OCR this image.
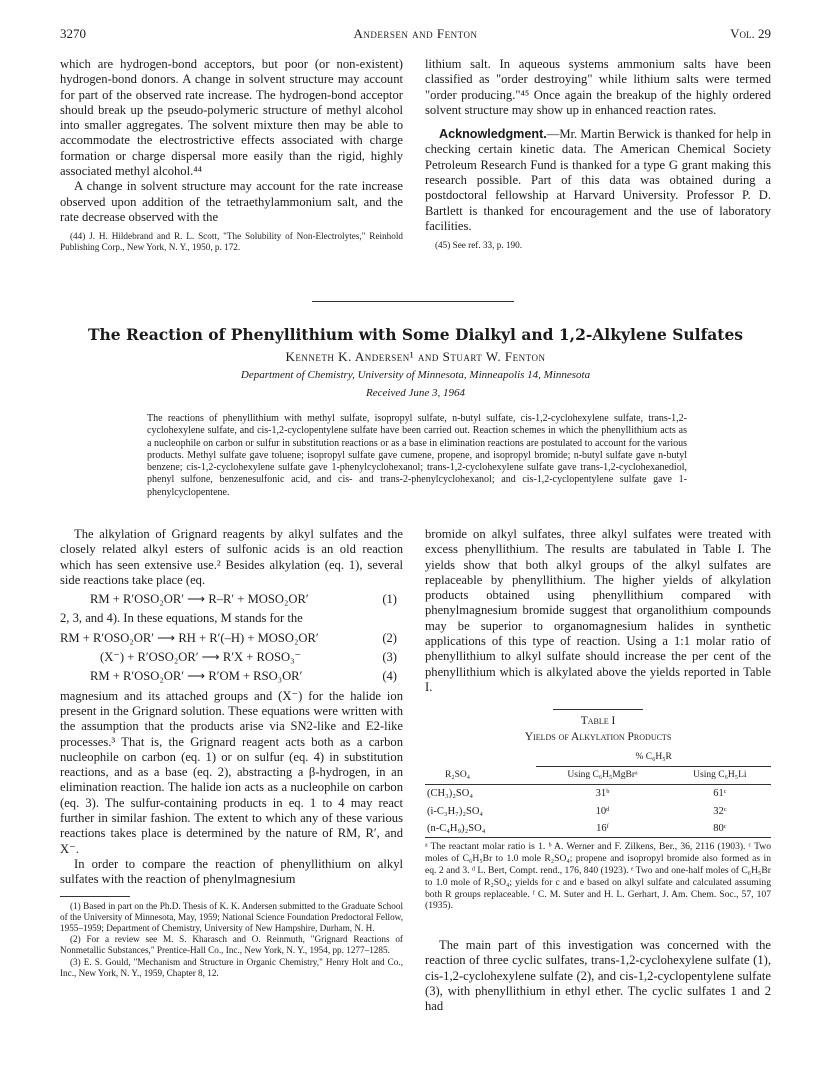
3270	Andersen and Fenton	Vol. 29

which are hydrogen-bond acceptors, but poor (or non-existent) hydrogen-bond donors. A change in solvent structure may account for part of the observed rate increase. The hydrogen-bond acceptor should break up the pseudo-polymeric structure of methyl alcohol into smaller aggregates. The solvent mixture then may be able to accommodate the electrostrictive effects associated with charge formation or charge dispersal more easily than the rigid, highly associated methyl alcohol.⁴⁴

A change in solvent structure may account for the rate increase observed upon addition of the tetraethylammonium salt, and the rate decrease observed with the

(44) J. H. Hildebrand and R. L. Scott, "The Solubility of Non-Electrolytes," Reinhold Publishing Corp., New York, N. Y., 1950, p. 172.

lithium salt. In aqueous systems ammonium salts have been classified as "order destroying" while lithium salts were termed "order producing."⁴⁵ Once again the breakup of the highly ordered solvent structure may show up in enhanced reaction rates.

Acknowledgment.—Mr. Martin Berwick is thanked for help in checking certain kinetic data. The American Chemical Society Petroleum Research Fund is thanked for a type G grant making this research possible. Part of this data was obtained during a postdoctoral fellowship at Harvard University. Professor P. D. Bartlett is thanked for encouragement and the use of laboratory facilities.

(45) See ref. 33, p. 190.

The Reaction of Phenyllithium with Some Dialkyl and 1,2-Alkylene Sulfates
Kenneth K. Andersen¹ and Stuart W. Fenton
Department of Chemistry, University of Minnesota, Minneapolis 14, Minnesota
Received June 3, 1964
The reactions of phenyllithium with methyl sulfate, isopropyl sulfate, n-butyl sulfate, cis-1,2-cyclohexylene sulfate, trans-1,2-cyclohexylene sulfate, and cis-1,2-cyclopentylene sulfate have been carried out. Reaction schemes in which the phenyllithium acts as a nucleophile on carbon or sulfur in substitution reactions or as a base in elimination reactions are postulated to account for the various products. Methyl sulfate gave toluene; isopropyl sulfate gave cumene, propene, and isopropyl bromide; n-butyl sulfate gave n-butyl benzene; cis-1,2-cyclohexylene sulfate gave 1-phenylcyclohexanol; trans-1,2-cyclohexylene sulfate gave trans-1,2-cyclohexanediol, phenyl sulfone, benzenesulfonic acid, and cis- and trans-2-phenylcyclohexanol; and cis-1,2-cyclopentylene sulfate gave 1-phenylcyclopentene.

The alkylation of Grignard reagents by alkyl sulfates and the closely related alkyl esters of sulfonic acids is an old reaction which has seen extensive use.² Besides alkylation (eq. 1), several side reactions take place (eq.

RM + R′OSO₂OR′ ⟶ R–R′ + MOSO₂OR′	(1)

2, 3, and 4). In these equations, M stands for the

RM + R′OSO₂OR′ ⟶ RH + R′(–H) + MOSO₂OR′	(2)
(X⁻) + R′OSO₂OR′ ⟶ R′X + ROSO₃⁻	(3)
RM + R′OSO₂OR′ ⟶ R′OM + RSO₃OR′	(4)

magnesium and its attached groups and (X⁻) for the halide ion present in the Grignard solution. These equations were written with the assumption that the products arise via SN2-like and E2-like processes.³ That is, the Grignard reagent acts both as a carbon nucleophile on carbon (eq. 1) or on sulfur (eq. 4) in substitution reactions, and as a base (eq. 2), abstracting a β-hydrogen, in an elimination reaction. The halide ion acts as a nucleophile on carbon (eq. 3). The sulfur-containing products in eq. 1 to 4 may react further in similar fashion. The extent to which any of these various reactions takes place is determined by the nature of RM, R′, and X⁻.

In order to compare the reaction of phenyllithium on alkyl sulfates with the reaction of phenylmagnesium

(1) Based in part on the Ph.D. Thesis of K. K. Andersen submitted to the Graduate School of the University of Minnesota, May, 1959; National Science Foundation Predoctoral Fellow, 1955–1959; Department of Chemistry, University of New Hampshire, Durham, N. H.

(2) For a review see M. S. Kharasch and O. Reinmuth, "Grignard Reactions of Nonmetallic Substances," Prentice-Hall Co., Inc., New York, N. Y., 1954, pp. 1277–1285.

(3) E. S. Gould, "Mechanism and Structure in Organic Chemistry," Henry Holt and Co., Inc., New York, N. Y., 1959, Chapter 8, 12.

bromide on alkyl sulfates, three alkyl sulfates were treated with excess phenyllithium. The results are tabulated in Table I. The yields show that both alkyl groups of the alkyl sulfates are replaceable by phenyllithium. The higher yields of alkylation products obtained using phenyllithium compared with phenylmagnesium bromide suggest that organolithium compounds may be superior to organomagnesium halides in synthetic applications of this type of reaction. Using a 1:1 molar ratio of phenyllithium to alkyl sulfate should increase the per cent of the phenyllithium which is alkylated above the yields reported in Table I.

Table I
Yields of Alkylation Products
	% C₆H₅R	
R₂SO₄	Using C₆H₅MgBrᵃ	Using C₆H₅Li
(CH₃)₂SO₄	31ᵇ	61ᶜ
(i-C₃H₇)₂SO₄	10ᵈ	32ᶜ
(n-C₄H₉)₂SO₄	16ᶠ	80ᶜ
ᵃ The reactant molar ratio is 1. ᵇ A. Werner and F. Zilkens, Ber., 36, 2116 (1903). ᶜ Two moles of C₆H₅Br to 1.0 mole R₂SO₄; propene and isopropyl bromide also formed as in eq. 2 and 3. ᵈ L. Bert, Compt. rend., 176, 840 (1923). ᵉ Two and one-half moles of C₆H₅Br to 1.0 mole of R₂SO₄; yields for c and e based on alkyl sulfate and calculated assuming both R groups replaceable. ᶠ C. M. Suter and H. L. Gerhart, J. Am. Chem. Soc., 57, 107 (1935).

The main part of this investigation was concerned with the reaction of three cyclic sulfates, trans-1,2-cyclohexylene sulfate (1), cis-1,2-cyclohexylene sulfate (2), and cis-1,2-cyclopentylene sulfate (3), with phenyllithium in ethyl ether. The cyclic sulfates 1 and 2 had
